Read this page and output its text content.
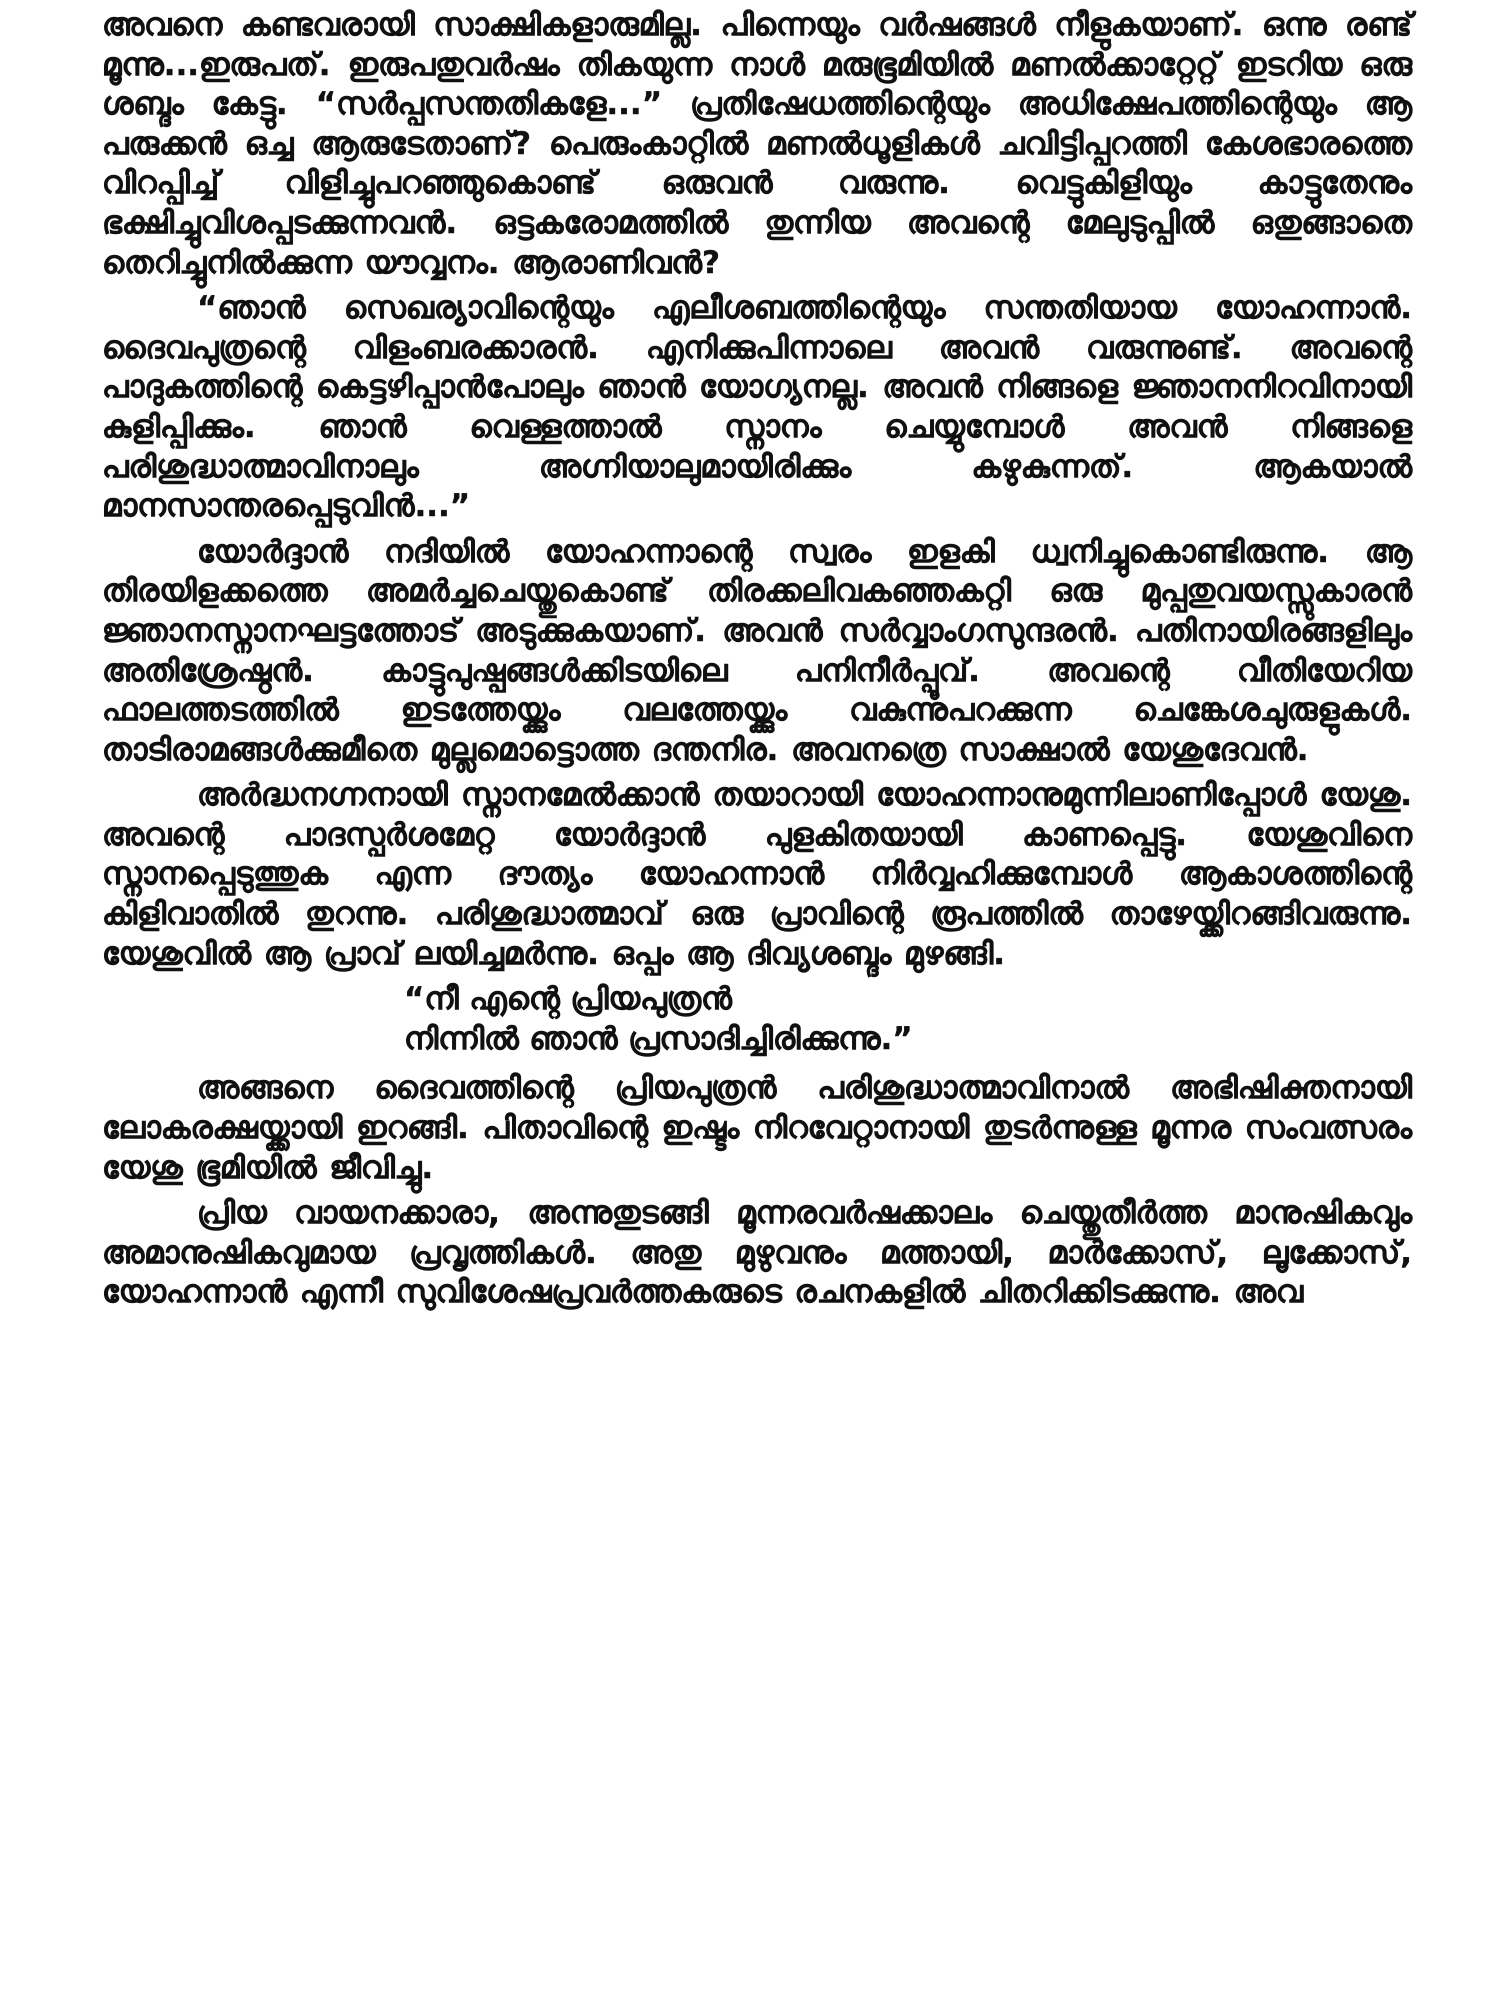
അവനെ കണ്ടവരായി സാക്ഷികളാരുമില്ല. പിന്നെയും വർഷങ്ങൾ നീളുകയാണ്. ഒന്നു രണ്ട് മൂന്നു...ഇരുപത്. ഇരുപതുവർഷം തികയുന്ന നാൾ മരുഭൂമിയിൽ മണൽക്കാറ്റേറ്റ് ഇടറിയ ഒരു ശബ്ദം കേട്ടു. “സർപ്പസന്തതികളേ...” പ്രതിഷേധത്തിന്റെയും അധിക്ഷേപത്തിന്റെയും ആ പരുക്കൻ ഒച്ച ആരുടേതാണ്? പെരുംകാറ്റിൽ മണൽധൂളികൾ ചവിട്ടിപ്പറത്തി കേശഭാരത്തെ വിറപ്പിച്ച് വിളിച്ചുപറഞ്ഞുകൊണ്ട് ഒരുവൻ വരുന്നു. വെട്ടുകിളിയും കാട്ടുതേനും ഭക്ഷിച്ചുവിശപ്പടക്കുന്നവൻ. ഒട്ടകരോമത്തിൽ തുന്നിയ അവന്റെ മേലുടുപ്പിൽ ഒതുങ്ങാതെ തെറിച്ചുനിൽക്കുന്ന യൗവ്വനം. ആരാണിവൻ?

“ഞാൻ സെഖര്യാവിന്റെയും എലീശബത്തിന്റെയും സന്തതിയായ യോഹന്നാൻ. ദൈവപുത്രന്റെ വിളംബരക്കാരൻ. എനിക്കുപിന്നാലെ അവൻ വരുന്നുണ്ട്. അവന്റെ പാദുകത്തിന്റെ കെട്ടഴിപ്പാൻപോലും ഞാൻ യോഗ്യനല്ല. അവൻ നിങ്ങളെ ജ്ഞാനനിറവിനായി കുളിപ്പിക്കും. ഞാൻ വെള്ളത്താൽ സ്നാനം ചെയ്യുമ്പോൾ അവൻ നിങ്ങളെ പരിശുദ്ധാത്മാവിനാലും അഗ്നിയാലുമായിരിക്കും കഴുകുന്നത്. ആകയാൽ മാനസാന്തരപ്പെടുവിൻ...”

യോർദ്ദാൻ നദിയിൽ യോഹന്നാന്റെ സ്വരം ഇളകി ധ്വനിച്ചുകൊണ്ടിരുന്നു. ആ തിരയിളക്കത്തെ അമർച്ചചെയ്തുകൊണ്ട് തിരക്കലിവകഞ്ഞകറ്റി ഒരു മുപ്പതുവയസ്സുകാരൻ ജ്ഞാനസ്നാനഘട്ടത്തോട് അടുക്കുകയാണ്. അവൻ സർവ്വാംഗസുന്ദരൻ. പതിനായിരങ്ങളിലും അതിശ്രേഷ്ഠൻ. കാട്ടുപുഷ്പങ്ങൾക്കിടയിലെ പനിനീർപ്പൂവ്. അവന്റെ വീതിയേറിയ ഫാലത്തടത്തിൽ ഇടത്തേയ്ക്കും വലത്തേയ്ക്കും വകുന്നുപറക്കുന്ന ചെങ്കേശചുരുളുകൾ. താടിരാമങ്ങൾക്കുമീതെ മുല്ലമൊട്ടൊത്ത ദന്തനിര. അവനത്രെ സാക്ഷാൽ യേശുദേവൻ.

അർദ്ധനഗ്നനായി സ്നാനമേൽക്കാൻ തയാറായി യോഹന്നാനുമുന്നിലാണിപ്പോൾ യേശു. അവന്റെ പാദസ്പർശമേറ്റ യോർദ്ദാൻ പുളകിതയായി കാണപ്പെട്ടു. യേശുവിനെ സ്നാനപ്പെടുത്തുക എന്ന ദൗത്യം യോഹന്നാൻ നിർവ്വഹിക്കുമ്പോൾ ആകാശത്തിന്റെ കിളിവാതിൽ തുറന്നു. പരിശുദ്ധാത്മാവ് ഒരു പ്രാവിന്റെ രൂപത്തിൽ താഴേയ്ക്കിറങ്ങിവരുന്നു. യേശുവിൽ ആ പ്രാവ് ലയിച്ചമർന്നു. ഒപ്പം ആ ദിവ്യശബ്ദം മുഴങ്ങി.

“നീ എന്റെ പ്രിയപുത്രൻ
നിന്നിൽ ഞാൻ പ്രസാദിച്ചിരിക്കുന്നു.”

അങ്ങനെ ദൈവത്തിന്റെ പ്രിയപുത്രൻ പരിശുദ്ധാത്മാവിനാൽ അഭിഷിക്തനായി ലോകരക്ഷയ്ക്കായി ഇറങ്ങി. പിതാവിന്റെ ഇഷ്ടം നിറവേറ്റാനായി തുടർന്നുള്ള മൂന്നര സംവത്സരം യേശു ഭൂമിയിൽ ജീവിച്ചു.

പ്രിയ വായനക്കാരാ, അന്നുതുടങ്ങി മൂന്നരവർഷക്കാലം ചെയ്തുതീർത്ത മാനുഷികവും അമാനുഷികവുമായ പ്രവൃത്തികൾ. അതു മുഴുവനും മത്തായി, മാർക്കോസ്, ലൂക്കോസ്, യോഹന്നാൻ എന്നീ സുവിശേഷപ്രവർത്തകരുടെ രചനകളിൽ ചിതറിക്കിടക്കുന്നു. അവ
